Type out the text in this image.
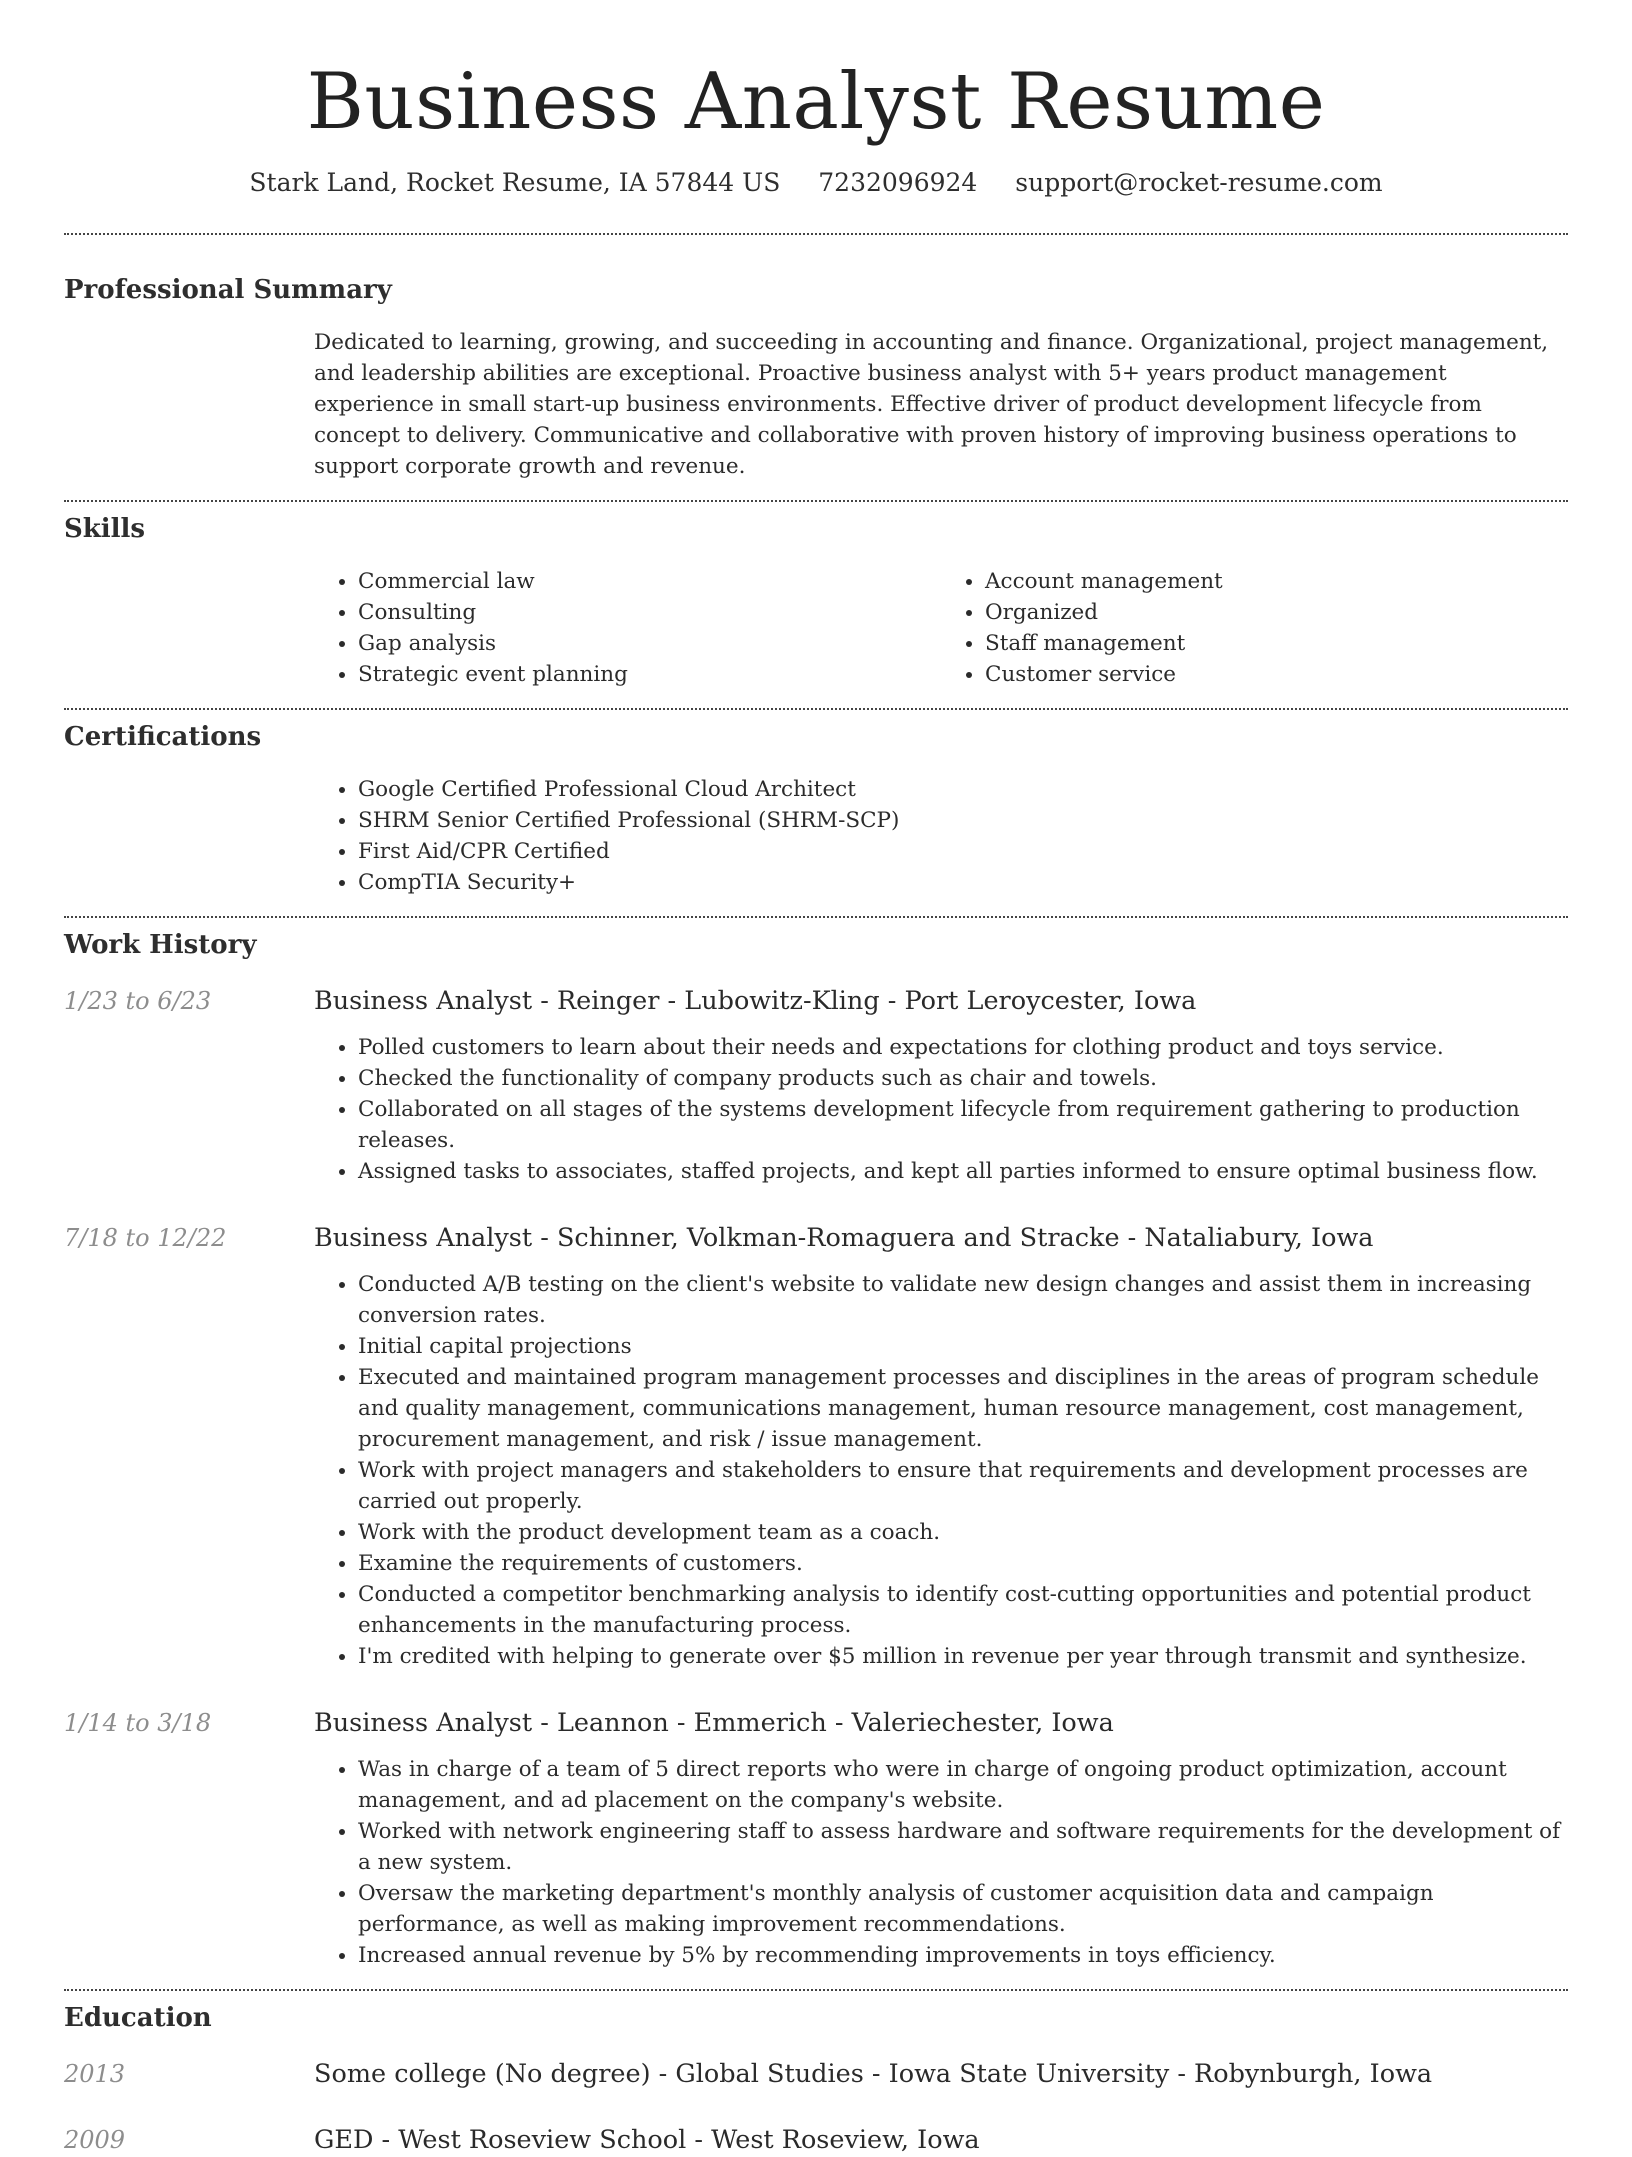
Business Analyst Resume
Stark Land, Rocket Resume, IA 57844 US 7232096924 support@rocket-resume.com
Professional Summary

Dedicated to learning, growing, and succeeding in accounting and finance. Organizational, project management, and leadership abilities are exceptional. Proactive business analyst with 5+ years product management experience in small start-up business environments. Effective driver of product development lifecycle from concept to delivery. Communicative and collaborative with proven history of improving business operations to support corporate growth and revenue.

Skills
• Commercial law
• Consulting
• Gap analysis
• Strategic event planning
• Account management
• Organized
• Staff management
• Customer service
Certifications
• Google Certified Professional Cloud Architect
• SHRM Senior Certified Professional (SHRM-SCP)
• First Aid/CPR Certified
• CompTIA Security+
Work History
1/23 to 6/23	Business Analyst - Reinger - Lubowitz-Kling - Port Leroycester, Iowa
• Polled customers to learn about their needs and expectations for clothing product and toys service.
• Checked the functionality of company products such as chair and towels.
• Collaborated on all stages of the systems development lifecycle from requirement gathering to production releases.
• Assigned tasks to associates, staffed projects, and kept all parties informed to ensure optimal business flow.
7/18 to 12/22	Business Analyst - Schinner, Volkman-Romaguera and Stracke - Nataliabury, Iowa
• Conducted A/B testing on the client's website to validate new design changes and assist them in increasing conversion rates.
• Initial capital projections
• Executed and maintained program management processes and disciplines in the areas of program schedule and quality management, communications management, human resource management, cost management, procurement management, and risk / issue management.
• Work with project managers and stakeholders to ensure that requirements and development processes are carried out properly.
• Work with the product development team as a coach.
• Examine the requirements of customers.
• Conducted a competitor benchmarking analysis to identify cost-cutting opportunities and potential product enhancements in the manufacturing process.
• I'm credited with helping to generate over $5 million in revenue per year through transmit and synthesize.
1/14 to 3/18	Business Analyst - Leannon - Emmerich - Valeriechester, Iowa
• Was in charge of a team of 5 direct reports who were in charge of ongoing product optimization, account management, and ad placement on the company's website.
• Worked with network engineering staff to assess hardware and software requirements for the development of a new system.
• Oversaw the marketing department's monthly analysis of customer acquisition data and campaign performance, as well as making improvement recommendations.
• Increased annual revenue by 5% by recommending improvements in toys efficiency.
Education
2013	Some college (No degree) - Global Studies - Iowa State University - Robynburgh, Iowa
2009	GED - West Roseview School - West Roseview, Iowa
